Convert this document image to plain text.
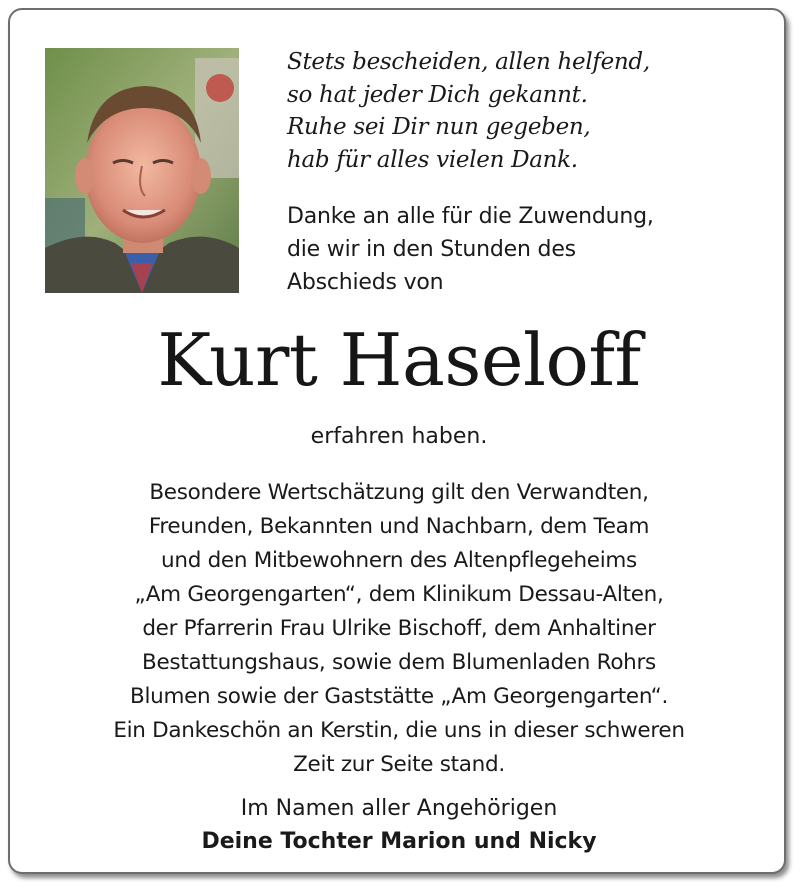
Stets bescheiden, allen helfend,
so hat jeder Dich gekannt.
Ruhe sei Dir nun gegeben,
hab für alles vielen Dank.
Danke an alle für die Zuwendung,
die wir in den Stunden des
Abschieds von
Kurt Haseloff
erfahren haben.
Besondere Wertschätzung gilt den Verwandten,
Freunden, Bekannten und Nachbarn, dem Team
und den Mitbewohnern des Altenpflegeheims
„Am Georgengarten“, dem Klinikum Dessau-Alten,
der Pfarrerin Frau Ulrike Bischoff, dem Anhaltiner
Bestattungshaus, sowie dem Blumenladen Rohrs
Blumen sowie der Gaststätte „Am Georgengarten“.
Ein Dankeschön an Kerstin, die uns in dieser schweren
Zeit zur Seite stand.
Im Namen aller Angehörigen
Deine Tochter Marion und Nicky
